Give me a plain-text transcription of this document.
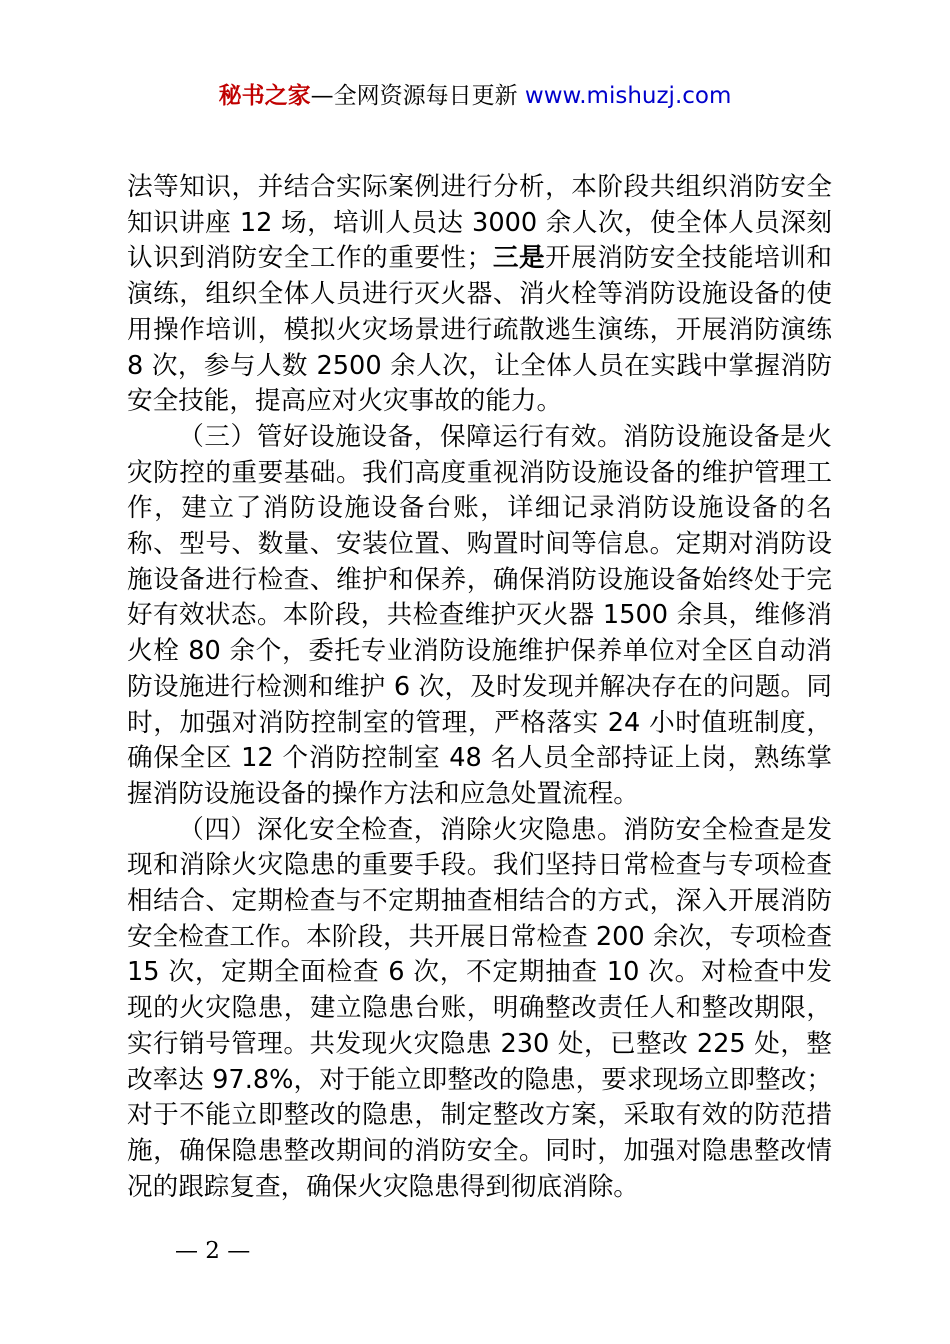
秘书之家—全网资源每日更新 www.mishuzj.com

法等知识，并结合实际案例进行分析，本阶段共组织消防安全知识讲座 12 场，培训人员达 3000 余人次，使全体人员深刻认识到消防安全工作的重要性；三是开展消防安全技能培训和演练，组织全体人员进行灭火器、消火栓等消防设施设备的使用操作培训，模拟火灾场景进行疏散逃生演练，开展消防演练 8 次，参与人数 2500 余人次，让全体人员在实践中掌握消防安全技能，提高应对火灾事故的能力。

（三）管好设施设备，保障运行有效。消防设施设备是火灾防控的重要基础。我们高度重视消防设施设备的维护管理工作，建立了消防设施设备台账，详细记录消防设施设备的名称、型号、数量、安装位置、购置时间等信息。定期对消防设施设备进行检查、维护和保养，确保消防设施设备始终处于完好有效状态。本阶段，共检查维护灭火器 1500 余具，维修消火栓 80 余个，委托专业消防设施维护保养单位对全区自动消防设施进行检测和维护 6 次，及时发现并解决存在的问题。同时，加强对消防控制室的管理，严格落实 24 小时值班制度，确保全区 12 个消防控制室 48 名人员全部持证上岗，熟练掌握消防设施设备的操作方法和应急处置流程。

（四）深化安全检查，消除火灾隐患。消防安全检查是发现和消除火灾隐患的重要手段。我们坚持日常检查与专项检查相结合、定期检查与不定期抽查相结合的方式，深入开展消防安全检查工作。本阶段，共开展日常检查 200 余次，专项检查 15 次，定期全面检查 6 次，不定期抽查 10 次。对检查中发现的火灾隐患，建立隐患台账，明确整改责任人和整改期限，实行销号管理。共发现火灾隐患 230 处，已整改 225 处，整改率达 97.8%，对于能立即整改的隐患，要求现场立即整改；对于不能立即整改的隐患，制定整改方案，采取有效的防范措施，确保隐患整改期间的消防安全。同时，加强对隐患整改情况的跟踪复查，确保火灾隐患得到彻底消除。

— 2 —
